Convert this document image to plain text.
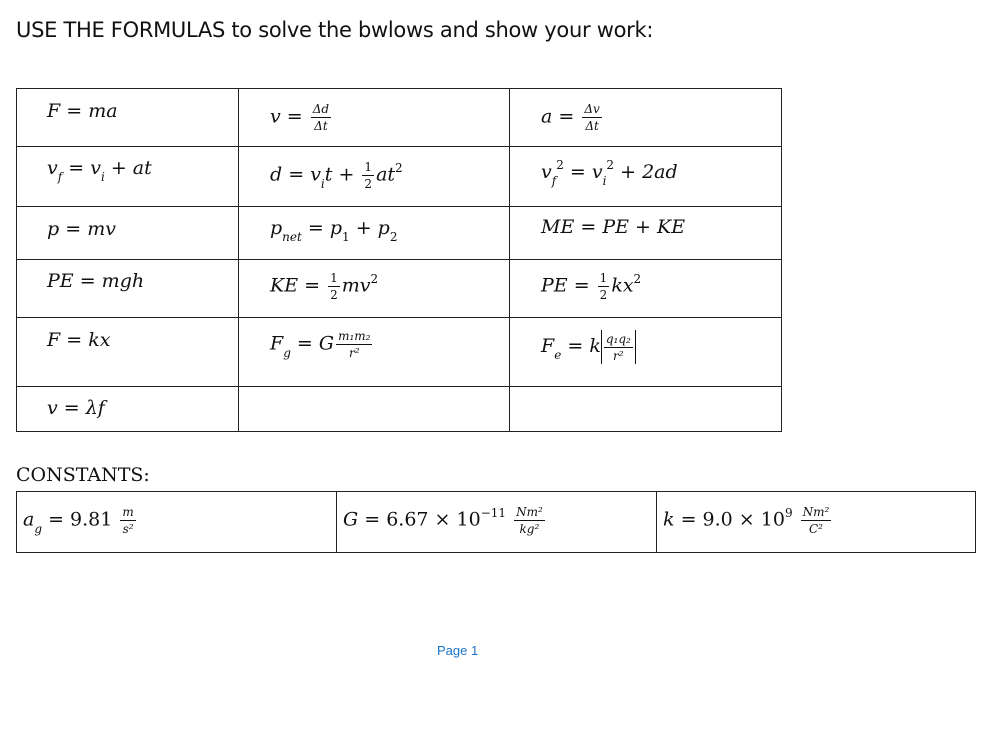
USE THE FORMULAS to solve the bwlows and show your work:
F = ma	$v = \frac{\Delta d}{\Delta t}$	$a = \frac{\Delta v}{\Delta t}$

$v_f = v_i$ + at	$d = v_it + \frac{1}{2} at^2$	$v_f^2 = v_i^2 + 2ad$

p = mv	$p_{net} = p_1 + p_2$	ME = PE + KE

PE = mgh	KE = $\frac{1}{2} mv^2$	PE = $\frac{1}{2} kx^2$

F = kx	$F_g = G \frac{\text{m₁m₂}}{\text{r²}}$	$F_e = k \frac{\text{q₁q₂}}{\text{r²}}$

v = λf		

CONSTANTS:
$a_g = 9.81 \frac{m}{\text{s²}}$	$G = 6.67 \times 10^{-11} \frac{\text{Nm²}}{\text{kg²}}$	$k = 9.0 \times 10^9 \frac{\text{Nm²}}{\text{C²}}$
Page 1
